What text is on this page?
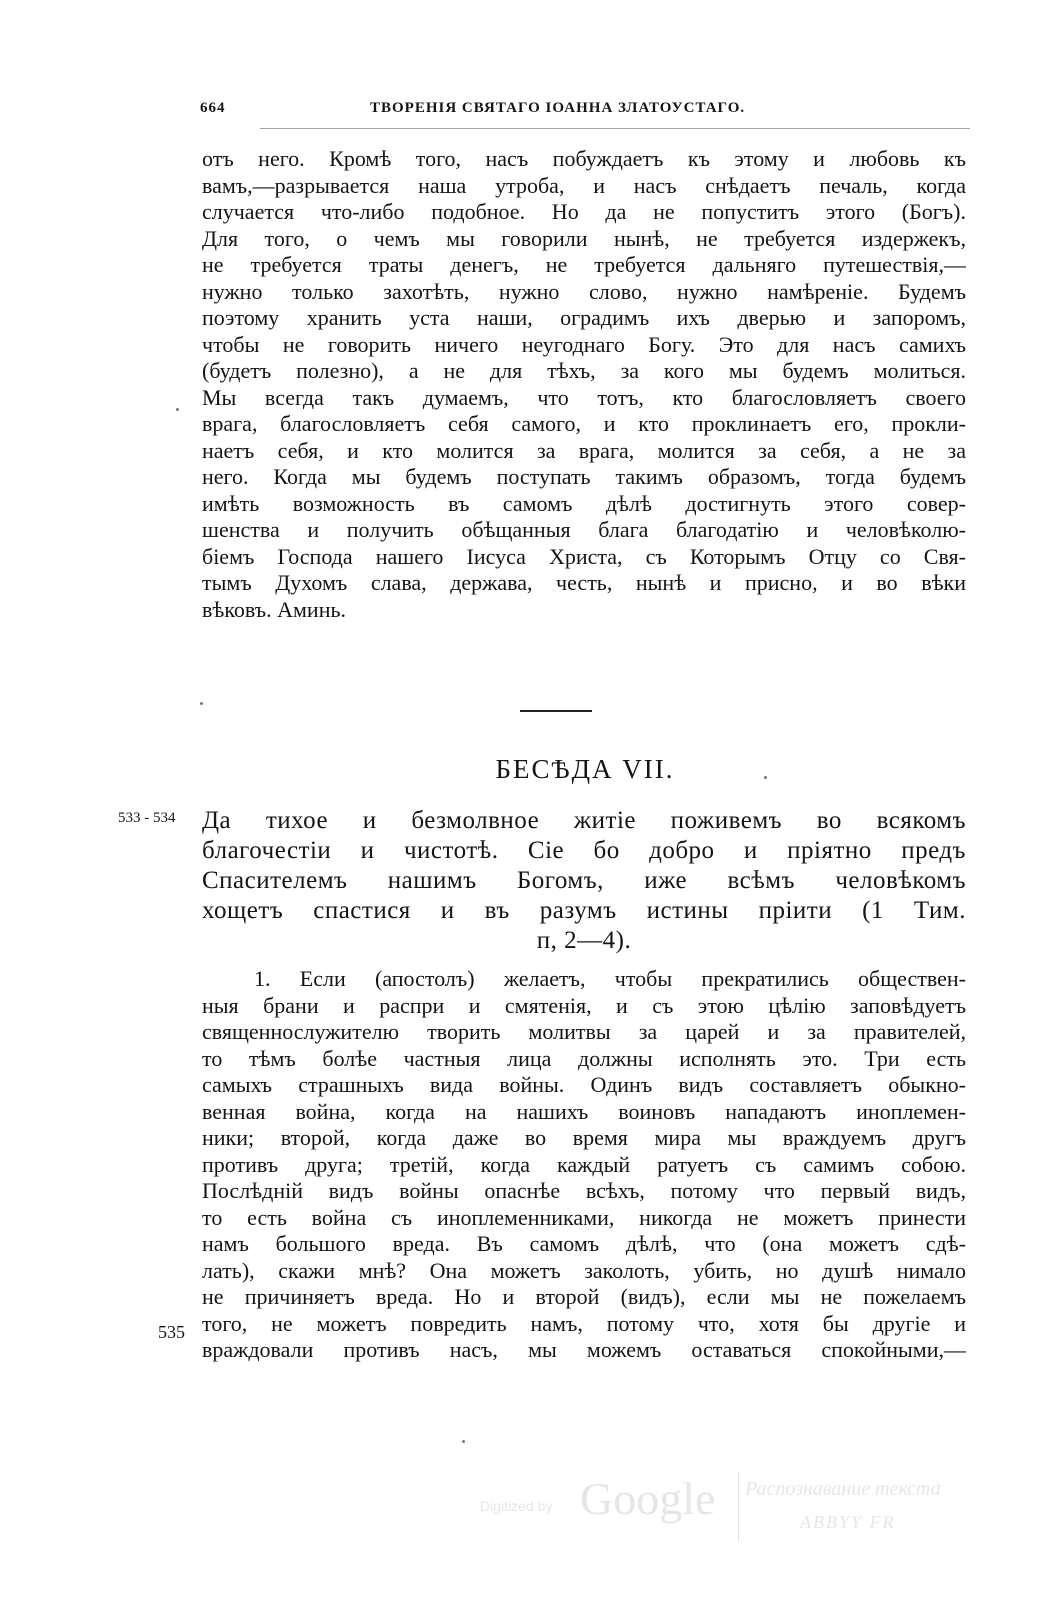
664	ТВОРЕНІЯ СВЯТАГО ІОАННА ЗЛАТОУСТАГО.
отъ него. Кромѣ того, насъ побуждаетъ къ этому и любовь къ
вамъ,—разрывается наша утроба, и насъ снѣдаетъ печаль, когда
случается что-либо подобное. Но да не попуститъ этого (Богъ).
Для того, о чемъ мы говорили нынѣ, не требуется издержекъ,
не требуется траты денегъ, не требуется дальняго путешествія,—
нужно только захотѣть, нужно слово, нужно намѣреніе. Будемъ
поэтому хранить уста наши, оградимъ ихъ дверью и запоромъ,
чтобы не говорить ничего неугоднаго Богу. Это для насъ самихъ
(будетъ полезно), а не для тѣхъ, за кого мы будемъ молиться.
Мы всегда такъ думаемъ, что тотъ, кто благословляетъ своего
врага, благословляетъ себя самого, и кто проклинаетъ его, прокли-
наетъ себя, и кто молится за врага, молится за себя, а не за
него. Когда мы будемъ поступать такимъ образомъ, тогда будемъ
имѣть возможность въ самомъ дѣлѣ достигнуть этого совер-
шенства и получить обѣщанныя блага благодатію и человѣколю-
біемъ Господа нашего Іисуса Христа, съ Которымъ Отцу со Свя-
тымъ Духомъ слава, держава, честь, нынѣ и присно, и во вѣки
вѣковъ. Аминь.
БЕСѢДА VII.
533 - 534	Да тихое и безмолвное житіе поживемъ во всякомъ
благочестіи и чистотѣ. Сіе бо добро и пріятно предъ
Спасителемъ нашимъ Богомъ, иже всѣмъ человѣкомъ
хощетъ спастися и въ разумъ истины пріити (1 Тим.
п, 2—4).
1. Если (апостолъ) желаетъ, чтобы прекратились обществен-
ныя брани и распри и смятенія, и съ этою цѣлію заповѣдуетъ
священнослужителю творить молитвы за царей и за правителей,
то тѣмъ болѣе частныя лица должны исполнять это. Три есть
самыхъ страшныхъ вида войны. Одинъ видъ составляетъ обыкно-
венная война, когда на нашихъ воиновъ нападаютъ иноплемен-
ники; второй, когда даже во время мира мы враждуемъ другъ
противъ друга; третій, когда каждый ратуетъ съ самимъ собою.
Послѣдній видъ войны опаснѣе всѣхъ, потому что первый видъ,
то есть война съ иноплеменниками, никогда не можетъ принести
намъ большого вреда. Въ самомъ дѣлѣ, что (она можетъ сдѣ-
лать), скажи мнѣ? Она можетъ заколоть, убить, но душѣ нимало
не причиняетъ вреда. Но и второй (видъ), если мы не пожелаемъ
того, не можетъ повредить намъ, потому что, хотя бы другіе и
враждовали противъ насъ, мы можемъ оставаться спокойными,—
535
Digitized by Google Распознавание текста
ABBYY FR
